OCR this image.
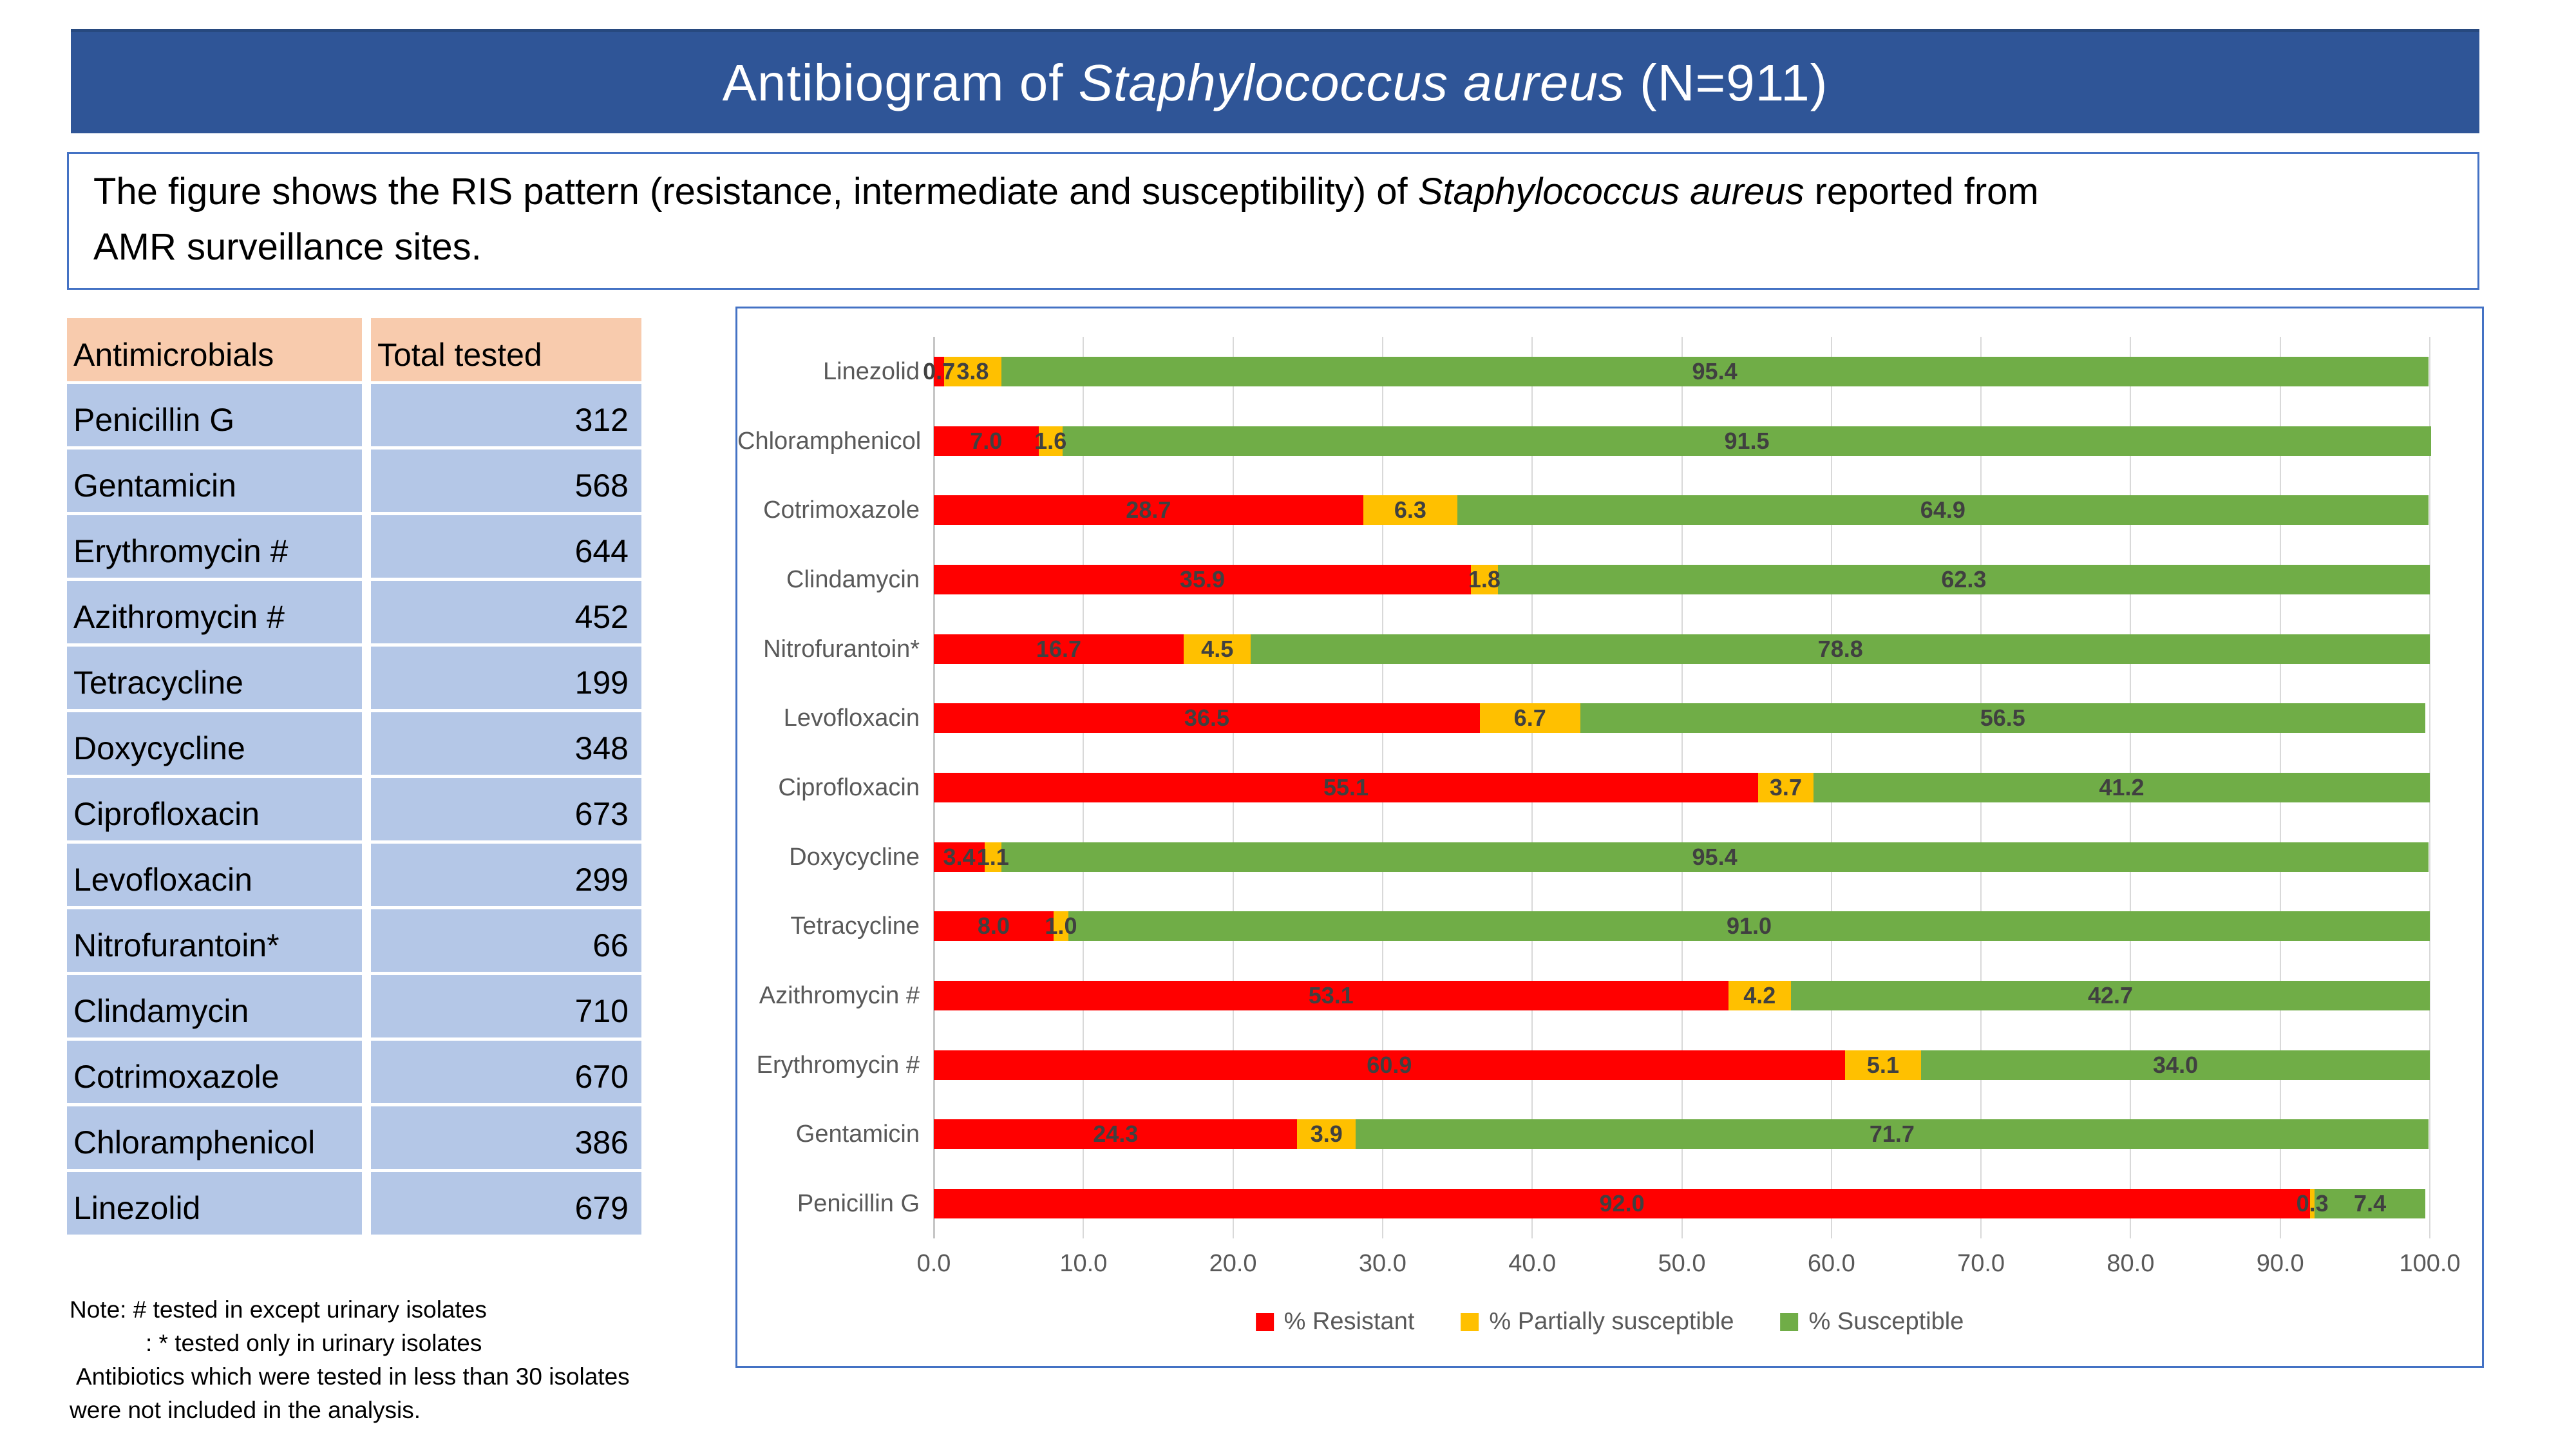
Antibiogram of Staphylococcus aureus (N=911)
The figure shows the RIS pattern (resistance, intermediate and susceptibility) of Staphylococcus aureus reported from
AMR surveillance sites.
Antimicrobials	Total tested
Penicillin G	312
Gentamicin	568
Erythromycin #	644
Azithromycin #	452
Tetracycline	199
Doxycycline	348
Ciprofloxacin	673
Levofloxacin	299
Nitrofurantoin*	66
Clindamycin	710
Cotrimoxazole	670
Chloramphenicol	386
Linezolid	679
Note: # tested in except urinary isolates
: * tested only in urinary isolates
Antibiotics which were tested in less than 30 isolates
were not included in the analysis.
Linezolid 0.7 3.8	95.4
Chloramphenicol 7.0 1.6	91.5
Cotrimoxazole	28.7	6.3	64.9
Clindamycin	35.9	1.8	62.3
Nitrofurantoin*	16.7	4.5	78.8
Levofloxacin	36.5	6.7	56.5
Ciprofloxacin	55.1	3.7	41.2
Doxycycline 3.4 1.1	95.4
Tetracycline 8.0 1.0	91.0
Azithromycin #	53.1	4.2	42.7
Erythromycin #	60.9	5.1	34.0
Gentamicin	24.3	3.9	71.7
Penicillin G	92.0	0.3 7.4
0.0	10.0	20.0	30.0	40.0	50.0	60.0	70.0	80.0	90.0	100.0
% Resistant	% Partially susceptible	% Susceptible
